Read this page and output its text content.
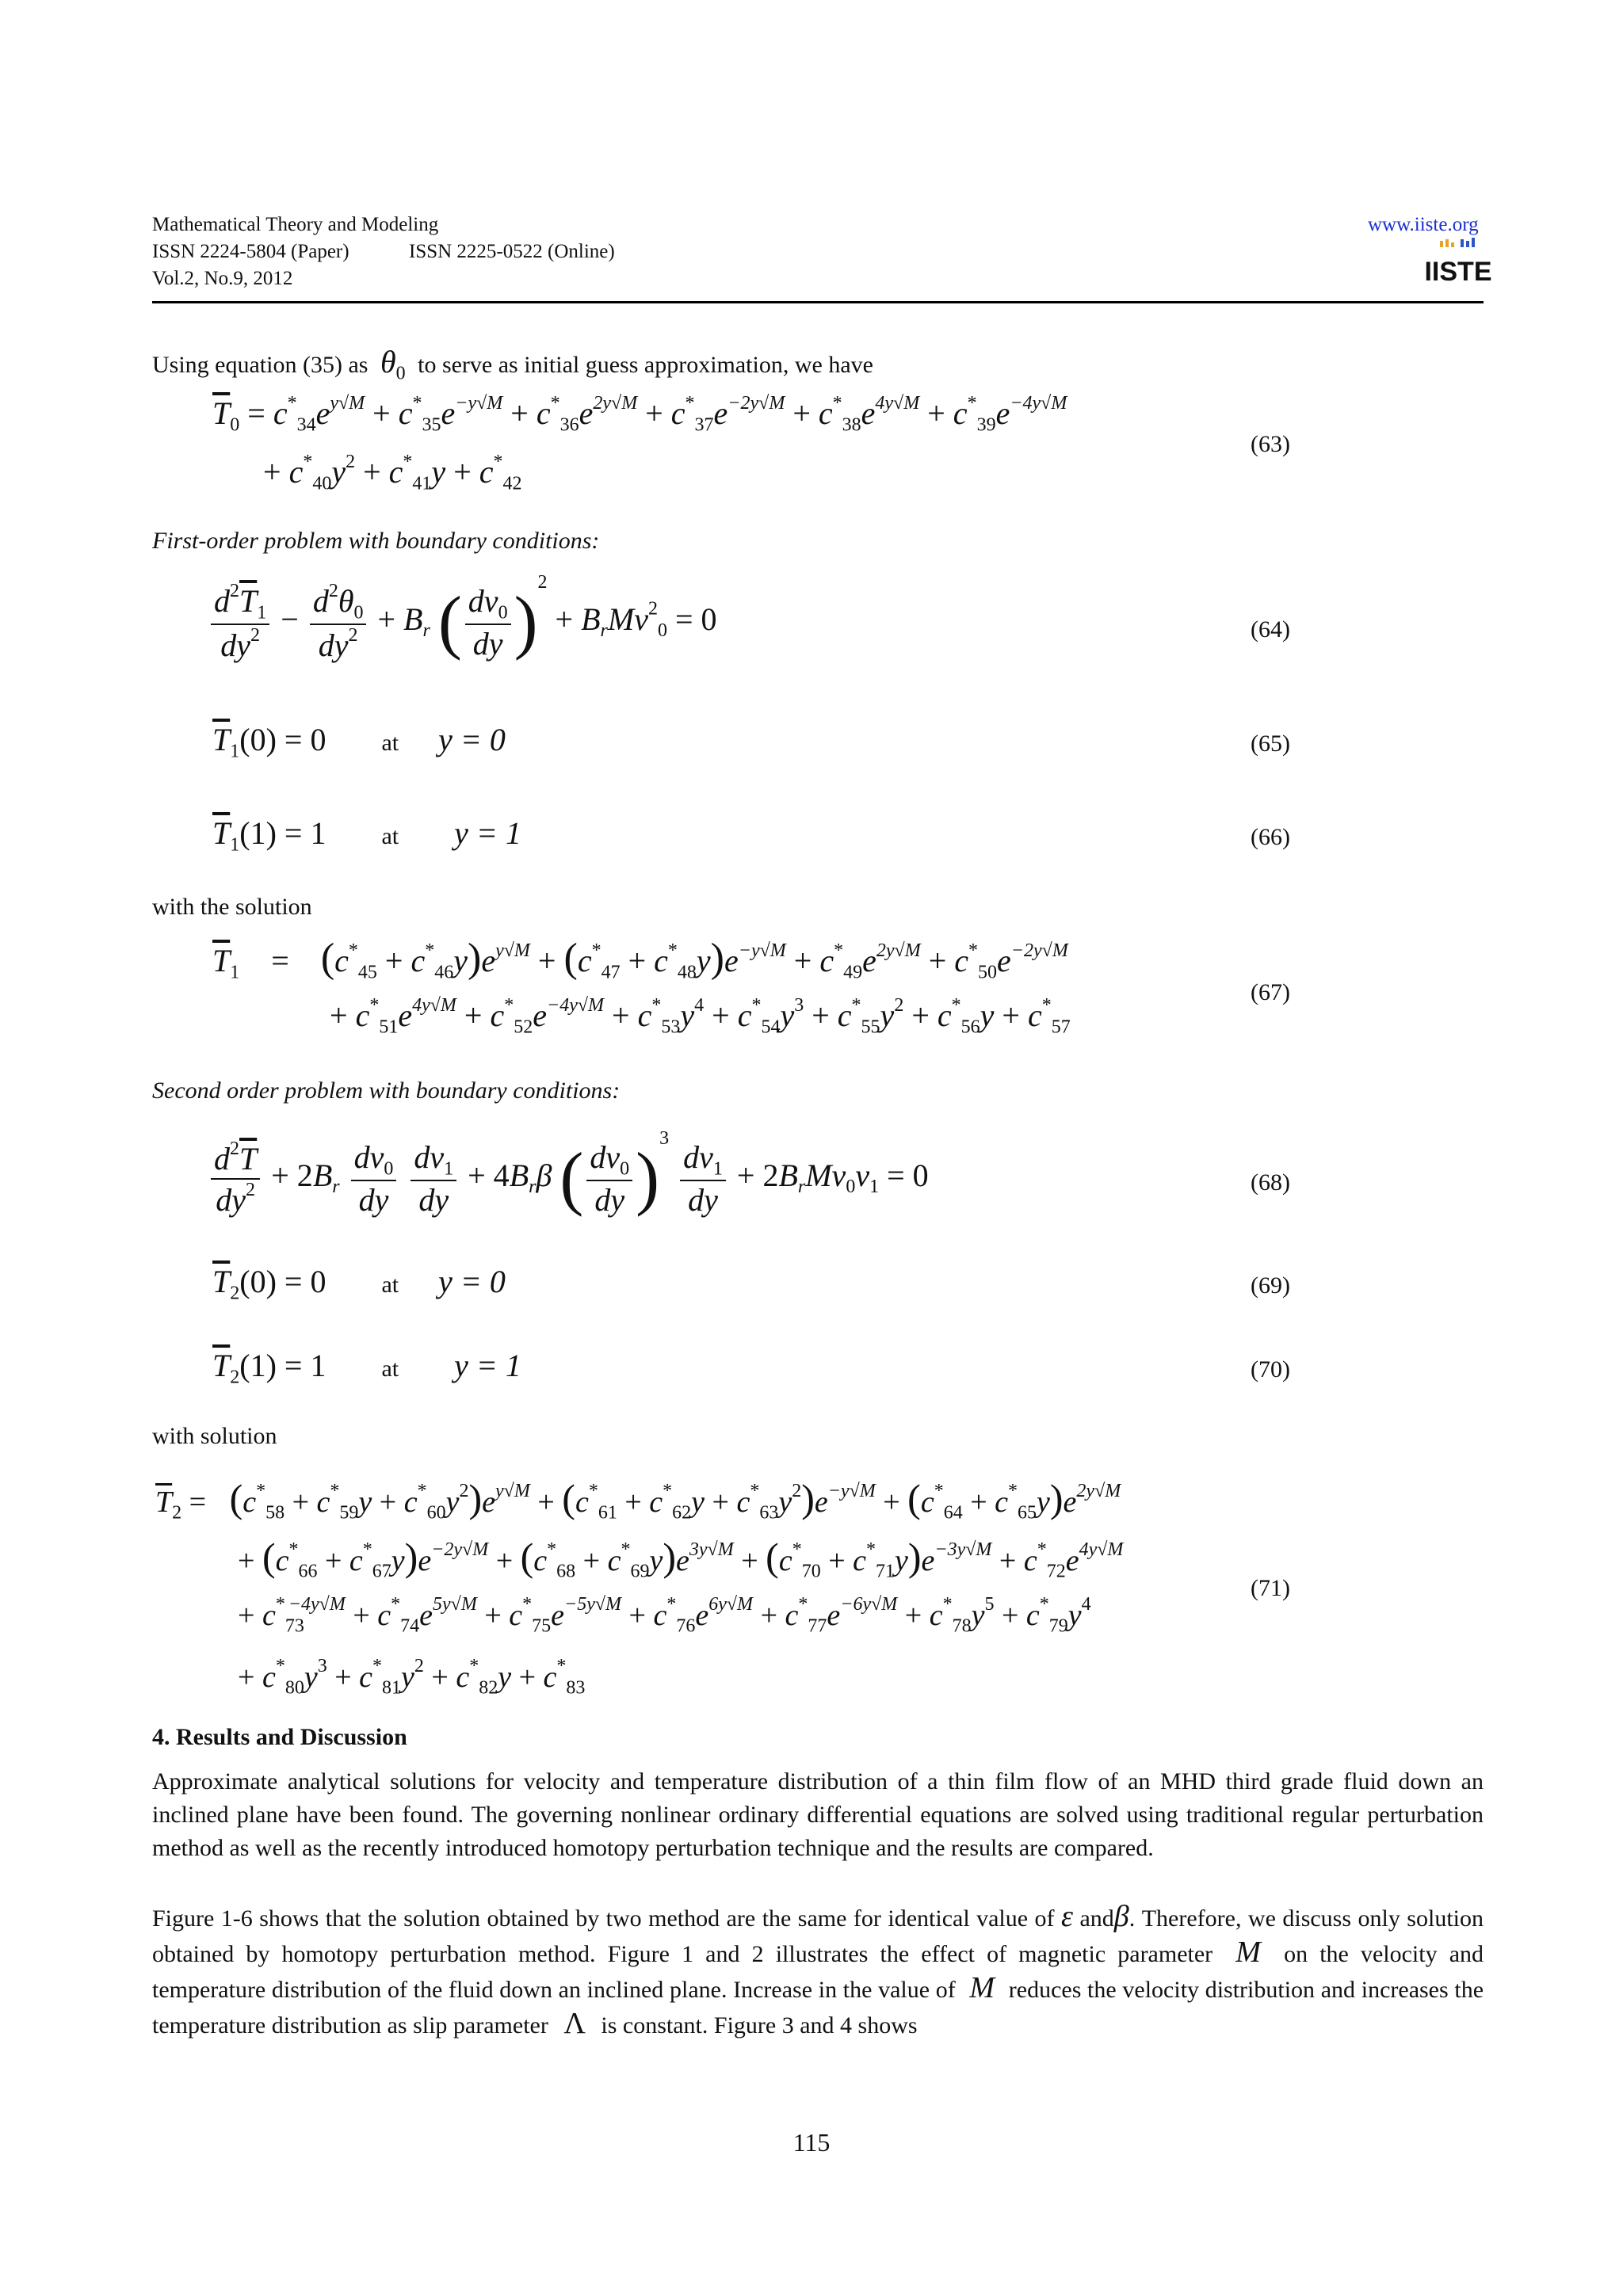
Mathematical Theory and Modeling
ISSN 2224-5804 (Paper)	ISSN 2225-0522 (Online)
Vol.2, No.9, 2012
www.iiste.org
IISTE
Using equation (35) as $\theta_0$ to serve as initial guess approximation, we have
$\overline{T}_0 = c^*_{34}e^{y√M} + c^*_{35}e^{-y√M} + c^*_{36}e^{2y√M} + c^*_{37}e^{-2y√M} + c^*_{38}e^{4y√M} + c^*_{39}e^{-4y√M}$
+ $c^*_{40}y^2 + c^*_{41}y + c^*_{42}$
(63)
First-order problem with boundary conditions:
$\frac{d^2\overline{T}_1}{dy^2} - \frac{d^2\theta_0}{dy^2} + B_r$ ( $\frac{dv_0}{dy} )^2 + B_rMv^2_0 = 0$	(64)
$\overline{T}_1(0) = 0$ at y = 0	(65)
$\overline{T}_1(1) = 1$ at y = 1	(66)
with the solution
$\overline{T}_1 = (c^*_{45} + c^*_{46}y)e^{y√M} + (c^*_{47} + c^*_{48}y)e^{-y√M} + c^*_{49}e^{2y√M} + c^*_{50}e^{-2y√M}$
+ $c^*_{51}e^{4y√M} + c^*_{52}e^{-4y√M} + c^*_{53}y^4 + c^*_{54}y^3 + c^*_{55}y^2 + c^*_{56}y + c^*_{57}$
(67)
Second order problem with boundary conditions:
$\frac{d^2\overline{T}}{dy^2} + 2B_r \frac{dv_0}{dy}$
$\frac{dv_1}{dy} + 4B_r\beta$ ( $\frac{dv_0}{dy} )^3 \frac{dv_1}{dy} + 2B_rMv_0v_1 = 0$	(68)
$\overline{T}_2(0) = 0$ at y = 0	(69)
$\overline{T}_2(1) = 1$ at y = 1	(70)
with solution
$\overline{T}_2 = (c^*_{58} + c^*_{59}y + c^*_{60}y^2)e^{y√M} + (c^*_{61} + c^*_{62}y + c^*_{63}y^2)e^{-y√M} + (c^*_{64} + c^*_{65}y)e^{2y√M}$
+ $(c^*_{66} + c^*_{67}y)e^{-2y√M} + (c^*_{68} + c^*_{69}y)e^{3y√M} + (c^*_{70} + c^*_{71}y)e^{-3y√M} + c^*_{72}e^{4y√M}$
+ $c^*_{73}^{-4y√M} + c^*_{74}e^{5y√M} + c^*_{75}e^{-5y√M} + c^*_{76}e^{6y√M} + c^*_{77}e^{-6y√M} + c^*_{78}y^5 + c^*_{79}y^4$
+ $c^*_{80}y^3 + c^*_{81}y^2 + c^*_{82}y + c^*_{83}$
(71)
4. Results and Discussion
Approximate analytical solutions for velocity and temperature distribution of a thin film flow of an MHD third grade fluid down an inclined plane have been found. The governing nonlinear ordinary differential equations are solved using traditional regular perturbation method as well as the recently introduced homotopy perturbation technique and the results are compared.
Figure 1-6 shows that the solution obtained by two method are the same for identical value of ε andβ. Therefore, we discuss only solution obtained by homotopy perturbation method. Figure 1 and 2 illustrates the effect of magnetic parameter M on the velocity and temperature distribution of the fluid down an inclined plane. Increase in the value of M reduces the velocity distribution and increases the temperature distribution as slip parameter Λ is constant. Figure 3 and 4 shows
115
